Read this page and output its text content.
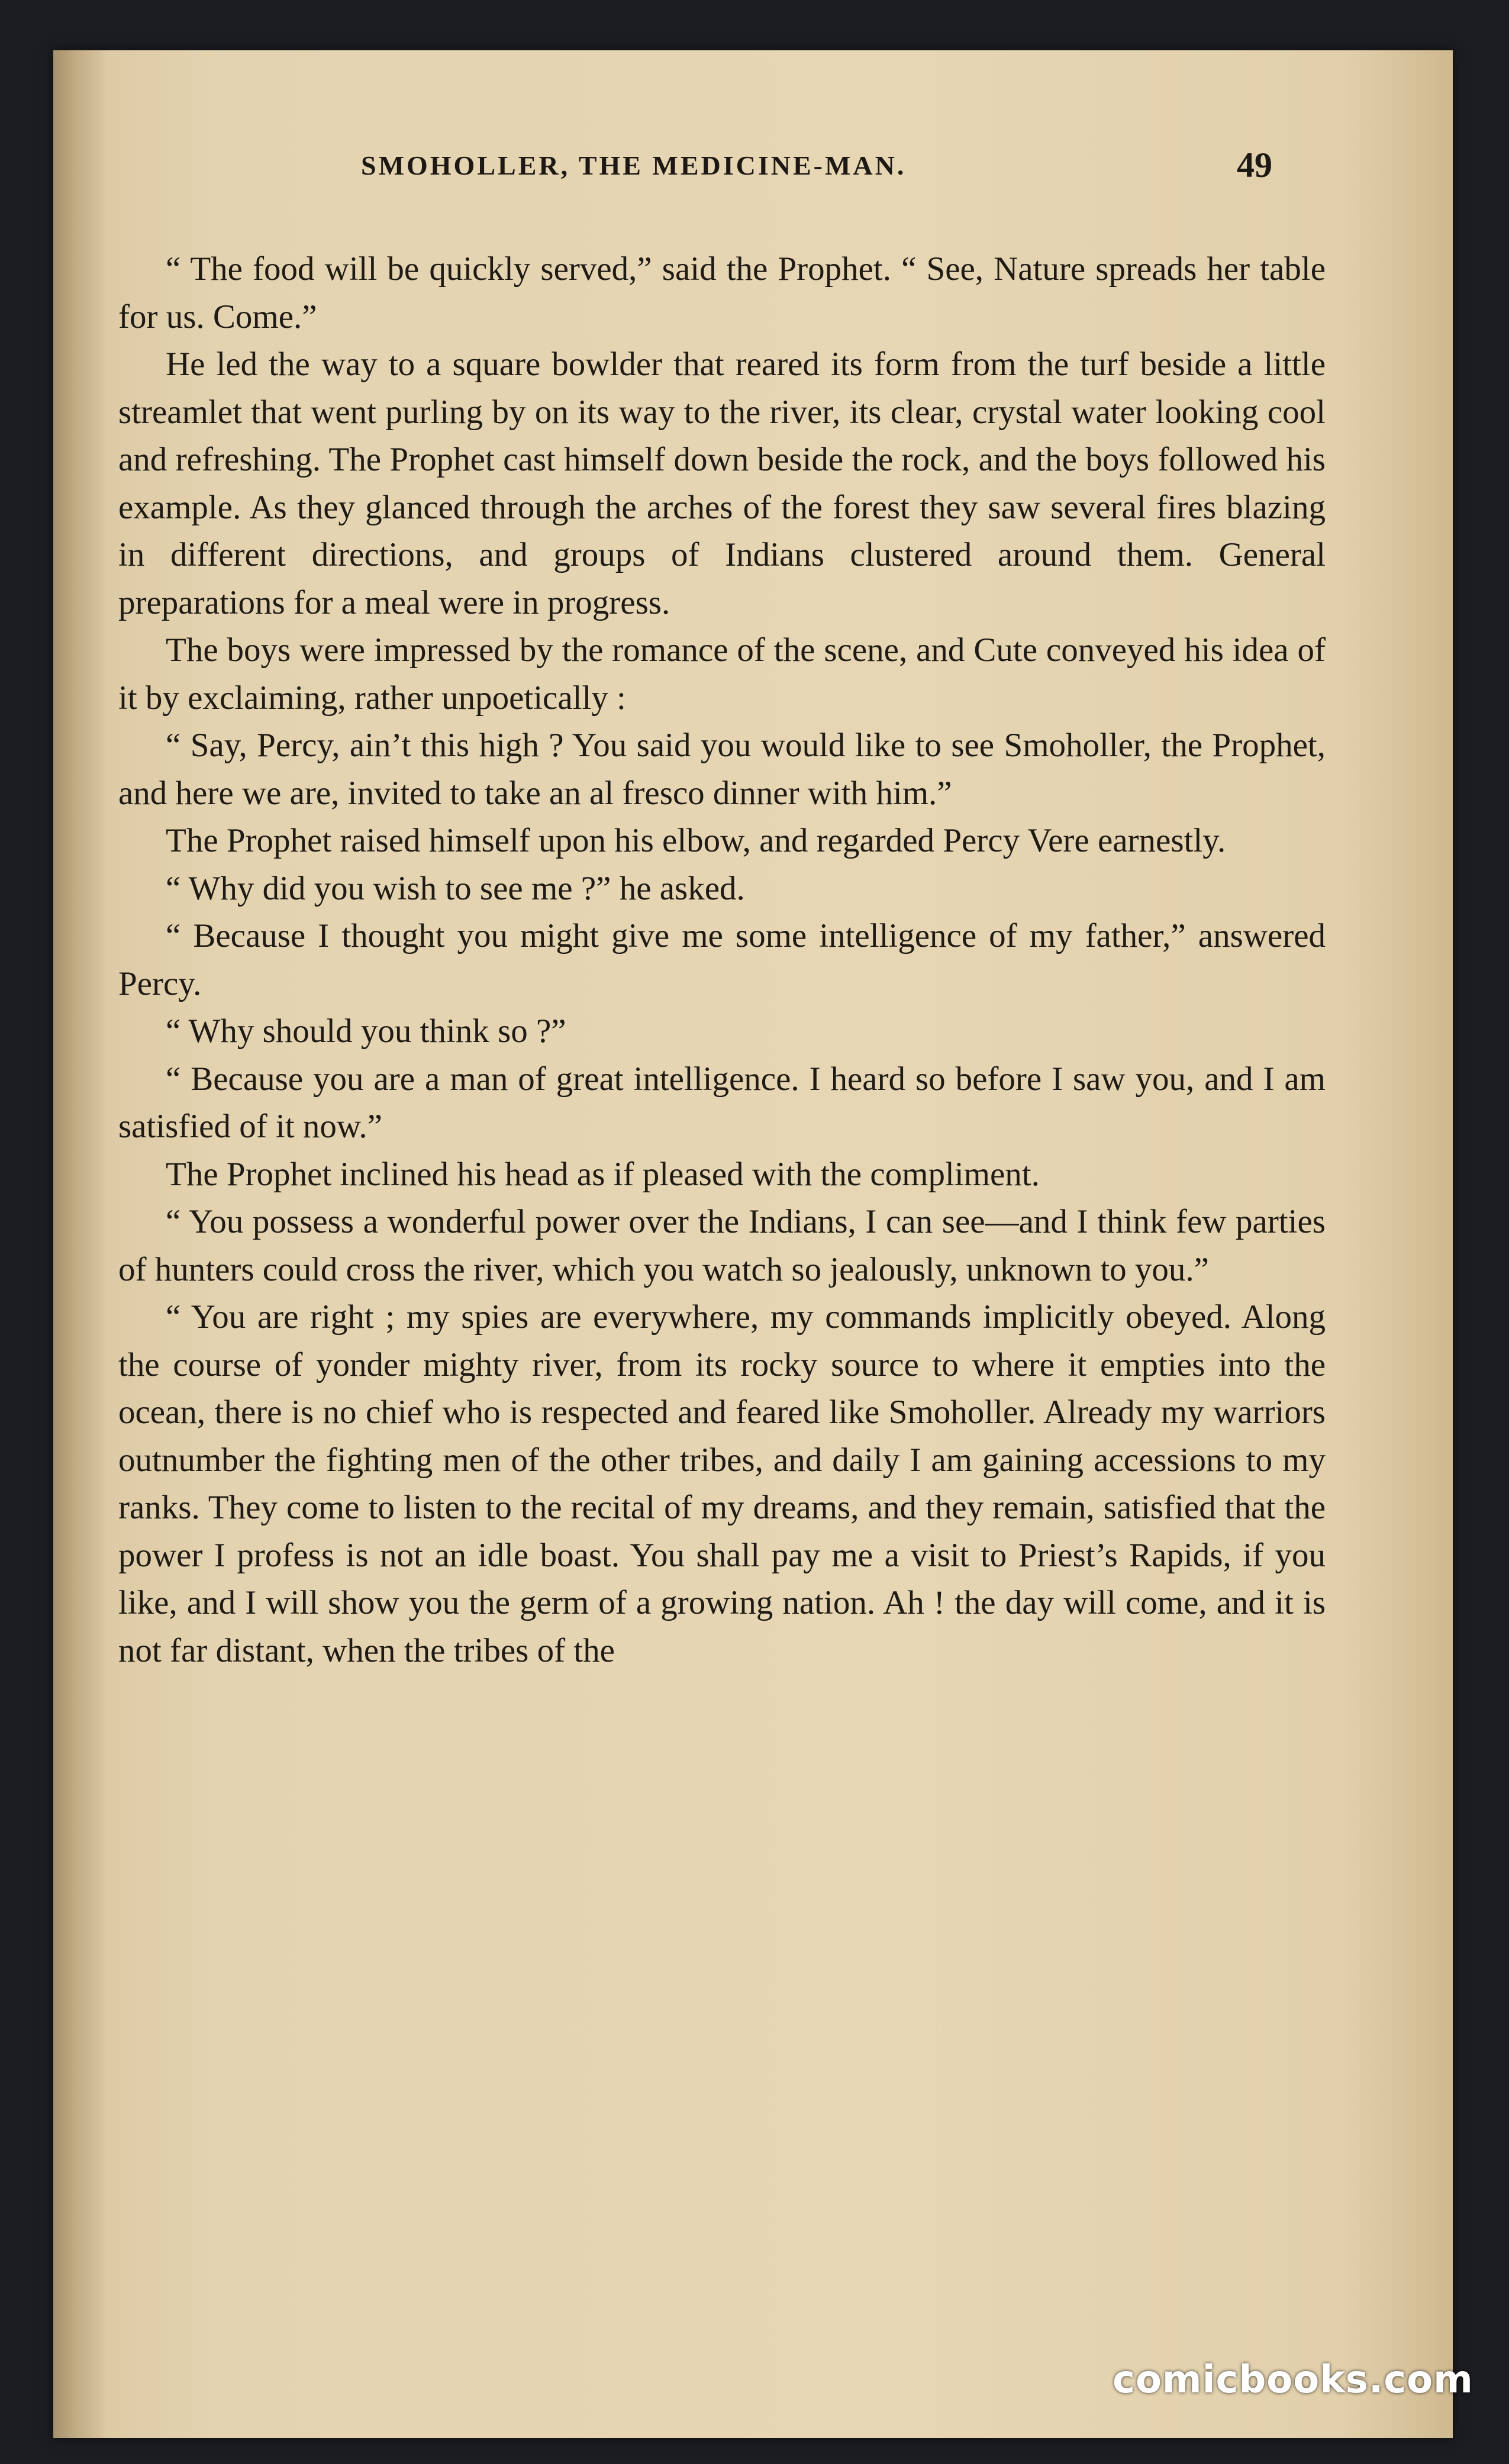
SMOHOLLER, THE MEDICINE-MAN.	49

“ The food will be quickly served,” said the Prophet. “ See, Nature spreads her table for us. Come.”

He led the way to a square bowlder that reared its form from the turf beside a little streamlet that went purling by on its way to the river, its clear, crystal water looking cool and refreshing. The Prophet cast himself down beside the rock, and the boys followed his example. As they glanced through the arches of the forest they saw several fires blazing in different directions, and groups of Indians clustered around them. General preparations for a meal were in progress.

The boys were impressed by the romance of the scene, and Cute conveyed his idea of it by exclaiming, rather unpoetically :

“ Say, Percy, ain’t this high ? You said you would like to see Smoholler, the Prophet, and here we are, invited to take an al fresco dinner with him.”

The Prophet raised himself upon his elbow, and regarded Percy Vere earnestly.

“ Why did you wish to see me ?” he asked.

“ Because I thought you might give me some intelligence of my father,” answered Percy.

“ Why should you think so ?”

“ Because you are a man of great intelligence. I heard so before I saw you, and I am satisfied of it now.”

The Prophet inclined his head as if pleased with the compliment.

“ You possess a wonderful power over the Indians, I can see—and I think few parties of hunters could cross the river, which you watch so jealously, unknown to you.”

“ You are right ; my spies are everywhere, my commands implicitly obeyed. Along the course of yonder mighty river, from its rocky source to where it empties into the ocean, there is no chief who is respected and feared like Smoholler. Already my warriors outnumber the fighting men of the other tribes, and daily I am gaining accessions to my ranks. They come to listen to the recital of my dreams, and they remain, satisfied that the power I profess is not an idle boast. You shall pay me a visit to Priest’s Rapids, if you like, and I will show you the germ of a growing nation. Ah ! the day will come, and it is not far distant, when the tribes of the

comicbooks.com
